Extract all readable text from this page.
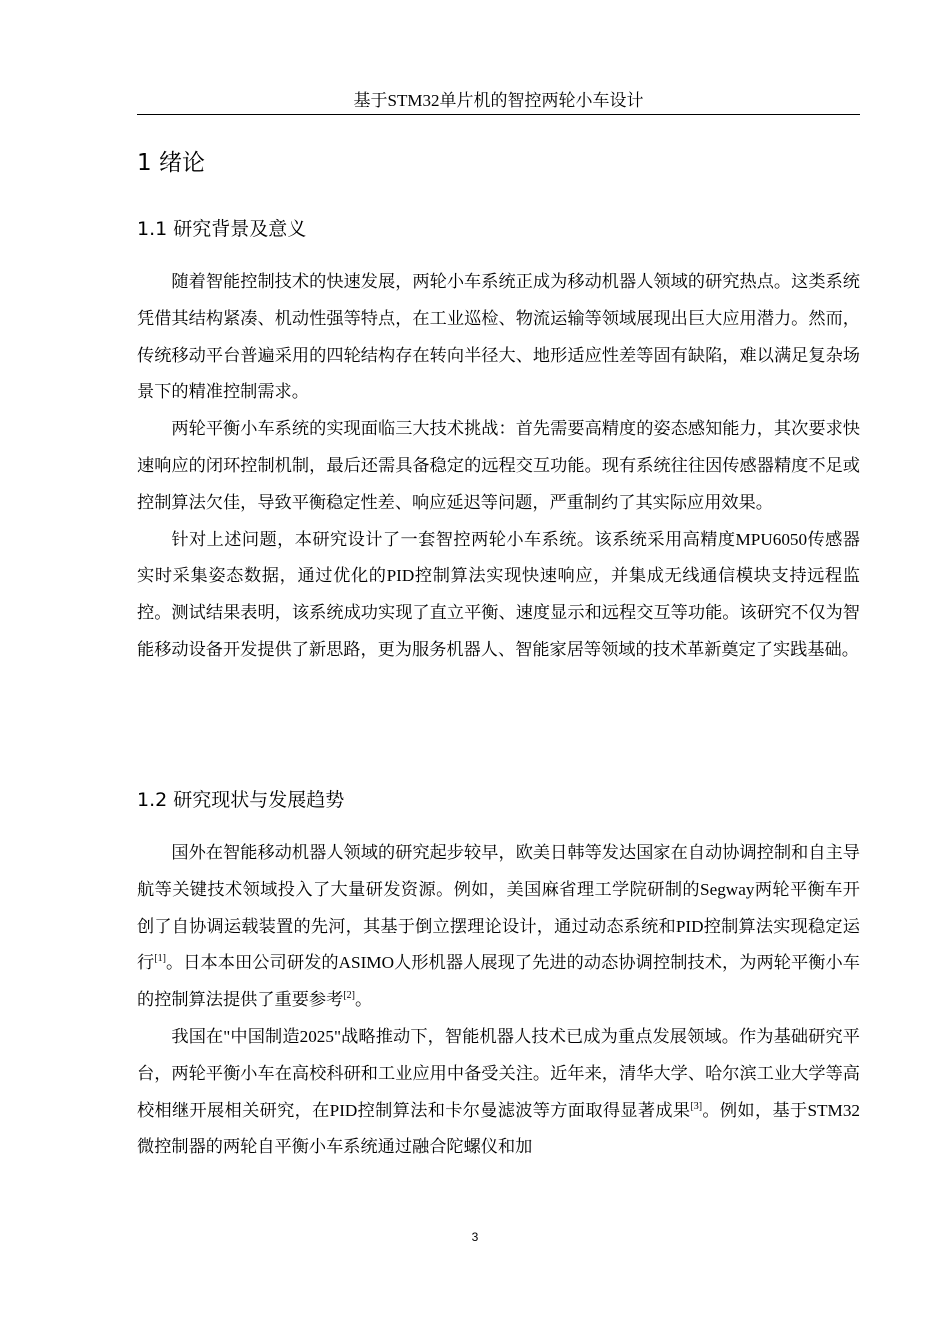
基于STM32单片机的智控两轮小车设计
1 绪论
1.1 研究背景及意义

随着智能控制技术的快速发展，两轮小车系统正成为移动机器人领域的研究热点。这类系统凭借其结构紧凑、机动性强等特点，在工业巡检、物流运输等领域展现出巨大应用潜力。然而，传统移动平台普遍采用的四轮结构存在转向半径大、地形适应性差等固有缺陷，难以满足复杂场景下的精准控制需求。

两轮平衡小车系统的实现面临三大技术挑战：首先需要高精度的姿态感知能力，其次要求快速响应的闭环控制机制，最后还需具备稳定的远程交互功能。现有系统往往因传感器精度不足或控制算法欠佳，导致平衡稳定性差、响应延迟等问题，严重制约了其实际应用效果。

针对上述问题，本研究设计了一套智控两轮小车系统。该系统采用高精度MPU6050传感器实时采集姿态数据，通过优化的PID控制算法实现快速响应，并集成无线通信模块支持远程监控。测试结果表明，该系统成功实现了直立平衡、速度显示和远程交互等功能。该研究不仅为智能移动设备开发提供了新思路，更为服务机器人、智能家居等领域的技术革新奠定了实践基础。

1.2 研究现状与发展趋势

国外在智能移动机器人领域的研究起步较早，欧美日韩等发达国家在自动协调控制和自主导航等关键技术领域投入了大量研发资源。例如，美国麻省理工学院研制的Segway两轮平衡车开创了自协调运载装置的先河，其基于倒立摆理论设计，通过动态系统和PID控制算法实现稳定运行[1]。日本本田公司研发的ASIMO人形机器人展现了先进的动态协调控制技术，为两轮平衡小车的控制算法提供了重要参考[2]。

我国在"中国制造2025"战略推动下，智能机器人技术已成为重点发展领域。作为基础研究平台，两轮平衡小车在高校科研和工业应用中备受关注。近年来，清华大学、哈尔滨工业大学等高校相继开展相关研究，在PID控制算法和卡尔曼滤波等方面取得显著成果[3]。例如，基于STM32微控制器的两轮自平衡小车系统通过融合陀螺仪和加

3
